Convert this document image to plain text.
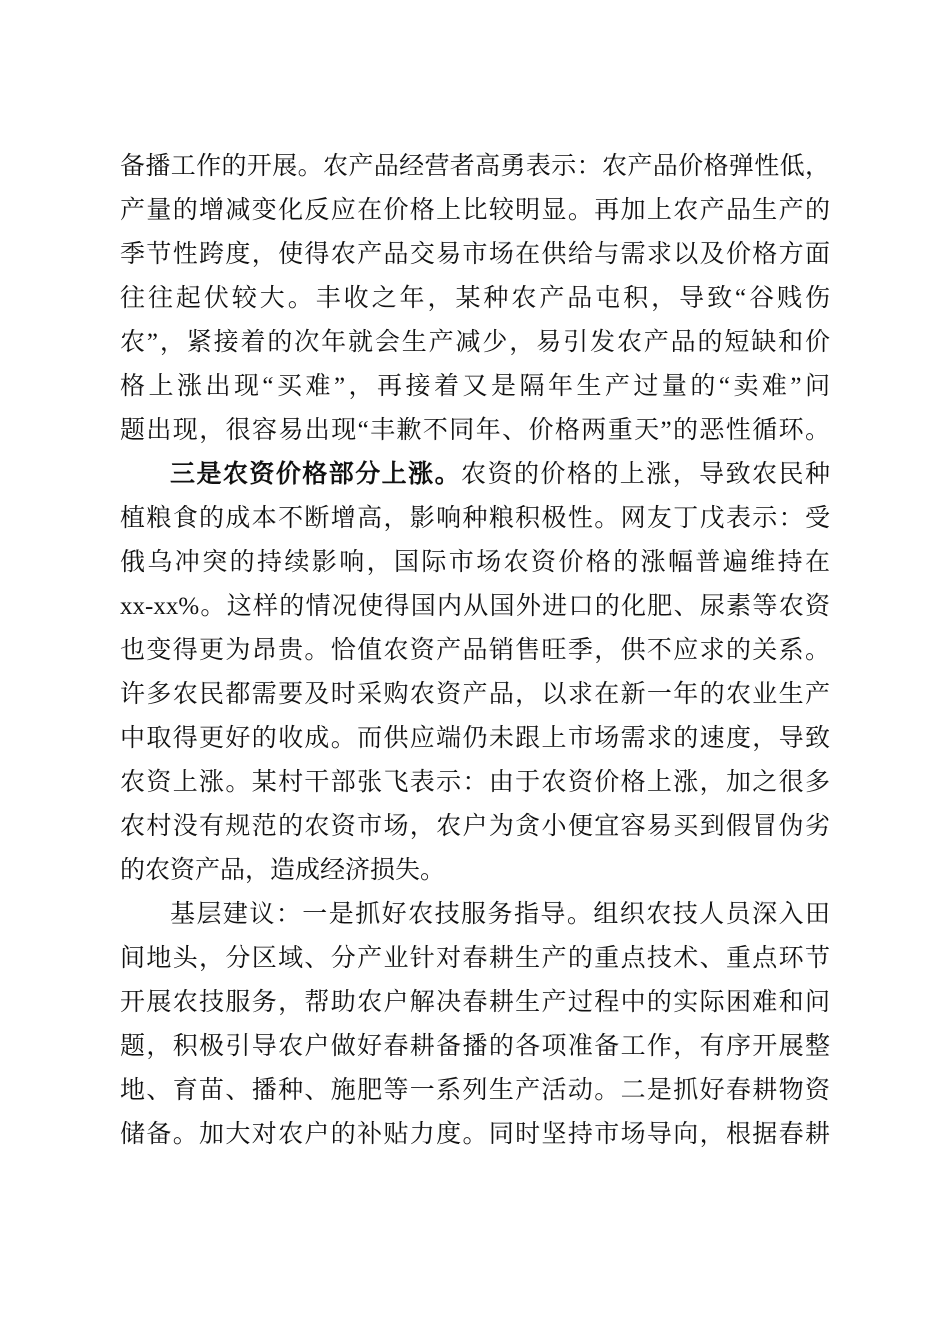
备播工作的开展。农产品经营者高勇表示：农产品价格弹性低，
产量的增减变化反应在价格上比较明显。再加上农产品生产的
季节性跨度，使得农产品交易市场在供给与需求以及价格方面
往往起伏较大。丰收之年，某种农产品屯积，导致“谷贱伤
农”，紧接着的次年就会生产减少，易引发农产品的短缺和价
格上涨出现“买难”，再接着又是隔年生产过量的“卖难”问
题出现，很容易出现“丰歉不同年、价格两重天”的恶性循环。
三是农资价格部分上涨。农资的价格的上涨，导致农民种
植粮食的成本不断增高，影响种粮积极性。网友丁戊表示：受
俄乌冲突的持续影响，国际市场农资价格的涨幅普遍维持在
xx-xx%。这样的情况使得国内从国外进口的化肥、尿素等农资
也变得更为昂贵。恰值农资产品销售旺季，供不应求的关系。
许多农民都需要及时采购农资产品，以求在新一年的农业生产
中取得更好的收成。而供应端仍未跟上市场需求的速度，导致
农资上涨。某村干部张飞表示：由于农资价格上涨，加之很多
农村没有规范的农资市场，农户为贪小便宜容易买到假冒伪劣
的农资产品，造成经济损失。
基层建议：一是抓好农技服务指导。组织农技人员深入田
间地头，分区域、分产业针对春耕生产的重点技术、重点环节
开展农技服务，帮助农户解决春耕生产过程中的实际困难和问
题，积极引导农户做好春耕备播的各项准备工作，有序开展整
地、育苗、播种、施肥等一系列生产活动。二是抓好春耕物资
储备。加大对农户的补贴力度。同时坚持市场导向，根据春耕
